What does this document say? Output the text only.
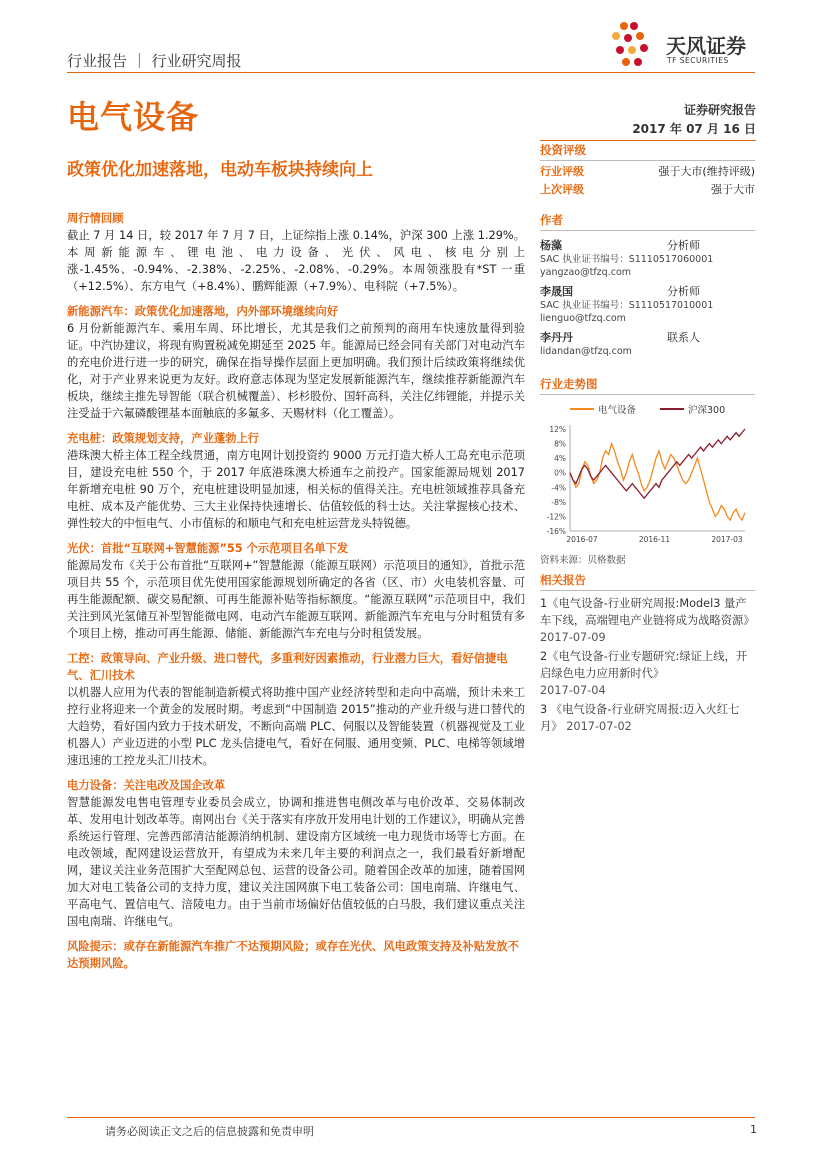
行业报告 ｜ 行业研究周报
电气设备
天风证券
TF SECURITIES
证券研究报告
2017 年 07 月 16 日
政策优化加速落地，电动车板块持续向上
周行情回顾

截止 7 月 14 日，较 2017 年 7 月 7 日，上证综指上涨 0.14%，沪深 300 上涨 1.29%。本周新能源车、锂电池、电力设备、光伏、风电、核电分别上涨-1.45%、-0.94%、-2.38%、-2.25%、-2.08%、-0.29%。本周领涨股有*ST 一重（+12.5%）、东方电气（+8.4%）、鹏辉能源（+7.9%）、电科院（+7.5%）。

新能源汽车：政策优化加速落地，内外部环境继续向好

6 月份新能源汽车、乘用车周、环比增长，尤其是我们之前预判的商用车快速放量得到验证。中汽协建议，将现有购置税减免期延至 2025 年。能源局已经会同有关部门对电动汽车的充电价进行进一步的研究，确保在指导操作层面上更加明确。我们预计后续政策将继续优化，对于产业界来说更为友好。政府意志体现为坚定发展新能源汽车，继续推荐新能源汽车板块，继续主推先导智能（联合机械覆盖）、杉杉股份、国轩高科，关注亿纬锂能，并提示关注受益于六氟磷酸锂基本面触底的多氟多、天赐材料（化工覆盖）。

充电桩：政策规划支持，产业蓬勃上行

港珠澳大桥主体工程全线贯通，南方电网计划投资约 9000 万元打造大桥人工岛充电示范项目，建设充电桩 550 个，于 2017 年底港珠澳大桥通车之前投产。国家能源局规划 2017 年新增充电桩 90 万个，充电桩建设明显加速，相关标的值得关注。充电桩领域推荐具备充电桩、成本及产能优势、三大主业保持快速增长、估值较低的科士达。关注掌握核心技术、弹性较大的中恒电气、小市值标的和顺电气和充电桩运营龙头特锐德。

光伏：首批“互联网+智慧能源”55 个示范项目名单下发

能源局发布《关于公布首批“互联网+”智慧能源（能源互联网）示范项目的通知》，首批示范项目共 55 个，示范项目优先使用国家能源规划所确定的各省（区、市）火电装机容量、可再生能源配额、碳交易配额、可再生能源补贴等指标额度。“能源互联网”示范项目中，我们关注到风光氢储互补型智能微电网、电动汽车能源互联网、新能源汽车充电与分时租赁有多个项目上榜，推动可再生能源、储能、新能源汽车充电与分时租赁发展。

工控：政策导向、产业升级、进口替代，多重利好因素推动，行业潜力巨大，看好信捷电气、汇川技术

以机器人应用为代表的智能制造新模式将助推中国产业经济转型和走向中高端，预计未来工控行业将迎来一个黄金的发展时期。考虑到“中国制造 2015”推动的产业升级与进口替代的大趋势，看好国内致力于技术研发，不断向高端 PLC、伺服以及智能装置（机器视觉及工业机器人）产业迈进的小型 PLC 龙头信捷电气，看好在伺服、通用变频、PLC、电梯等领域增速迅速的工控龙头汇川技术。

电力设备：关注电改及国企改革

智慧能源发电售电管理专业委员会成立，协调和推进售电侧改革与电价改革、交易体制改革、发用电计划改革等。南网出台《关于落实有序放开发用电计划的工作建议》，明确从完善系统运行管理、完善西部清洁能源消纳机制、建设南方区域统一电力现货市场等七方面。在电改领域，配网建设运营放开，有望成为未来几年主要的利润点之一，我们最看好新增配网，建议关注业务范围扩大至配网总包、运营的设备公司。随着国企改革的加速，随着国网加大对电工装备公司的支持力度，建议关注国网旗下电工装备公司：国电南瑞、许继电气、平高电气、置信电气、涪陵电力。由于当前市场偏好估值较低的白马股，我们建议重点关注国电南瑞、许继电气。

风险提示：或存在新能源汽车推广不达预期风险；或存在光伏、风电政策支持及补贴发放不达预期风险。
投资评级
行业评级	强于大市(维持评级)
上次评级	强于大市
作者
杨藻	分析师
SAC 执业证书编号：S1110517060001
yangzao@tfzq.com
李晟国	分析师
SAC 执业证书编号：S1110517010001
lienguo@tfzq.com
李丹丹	联系人
lidandan@tfzq.com
行业走势图
电气设备	沪深300
12%
8%
4%
0%
-4%
-8%
-12%
-16%
2016-07	2016-11	2017-03
资料来源：贝格数据
相关报告
1《电气设备-行业研究周报:Model3 量产车下线，高端锂电产业链将成为战略资源》 2017-07-09
2《电气设备-行业专题研究:绿证上线，开启绿色电力应用新时代》
2017-07-04
3 《电气设备-行业研究周报:迈入火红七月》 2017-07-02
请务必阅读正文之后的信息披露和免责申明	1
